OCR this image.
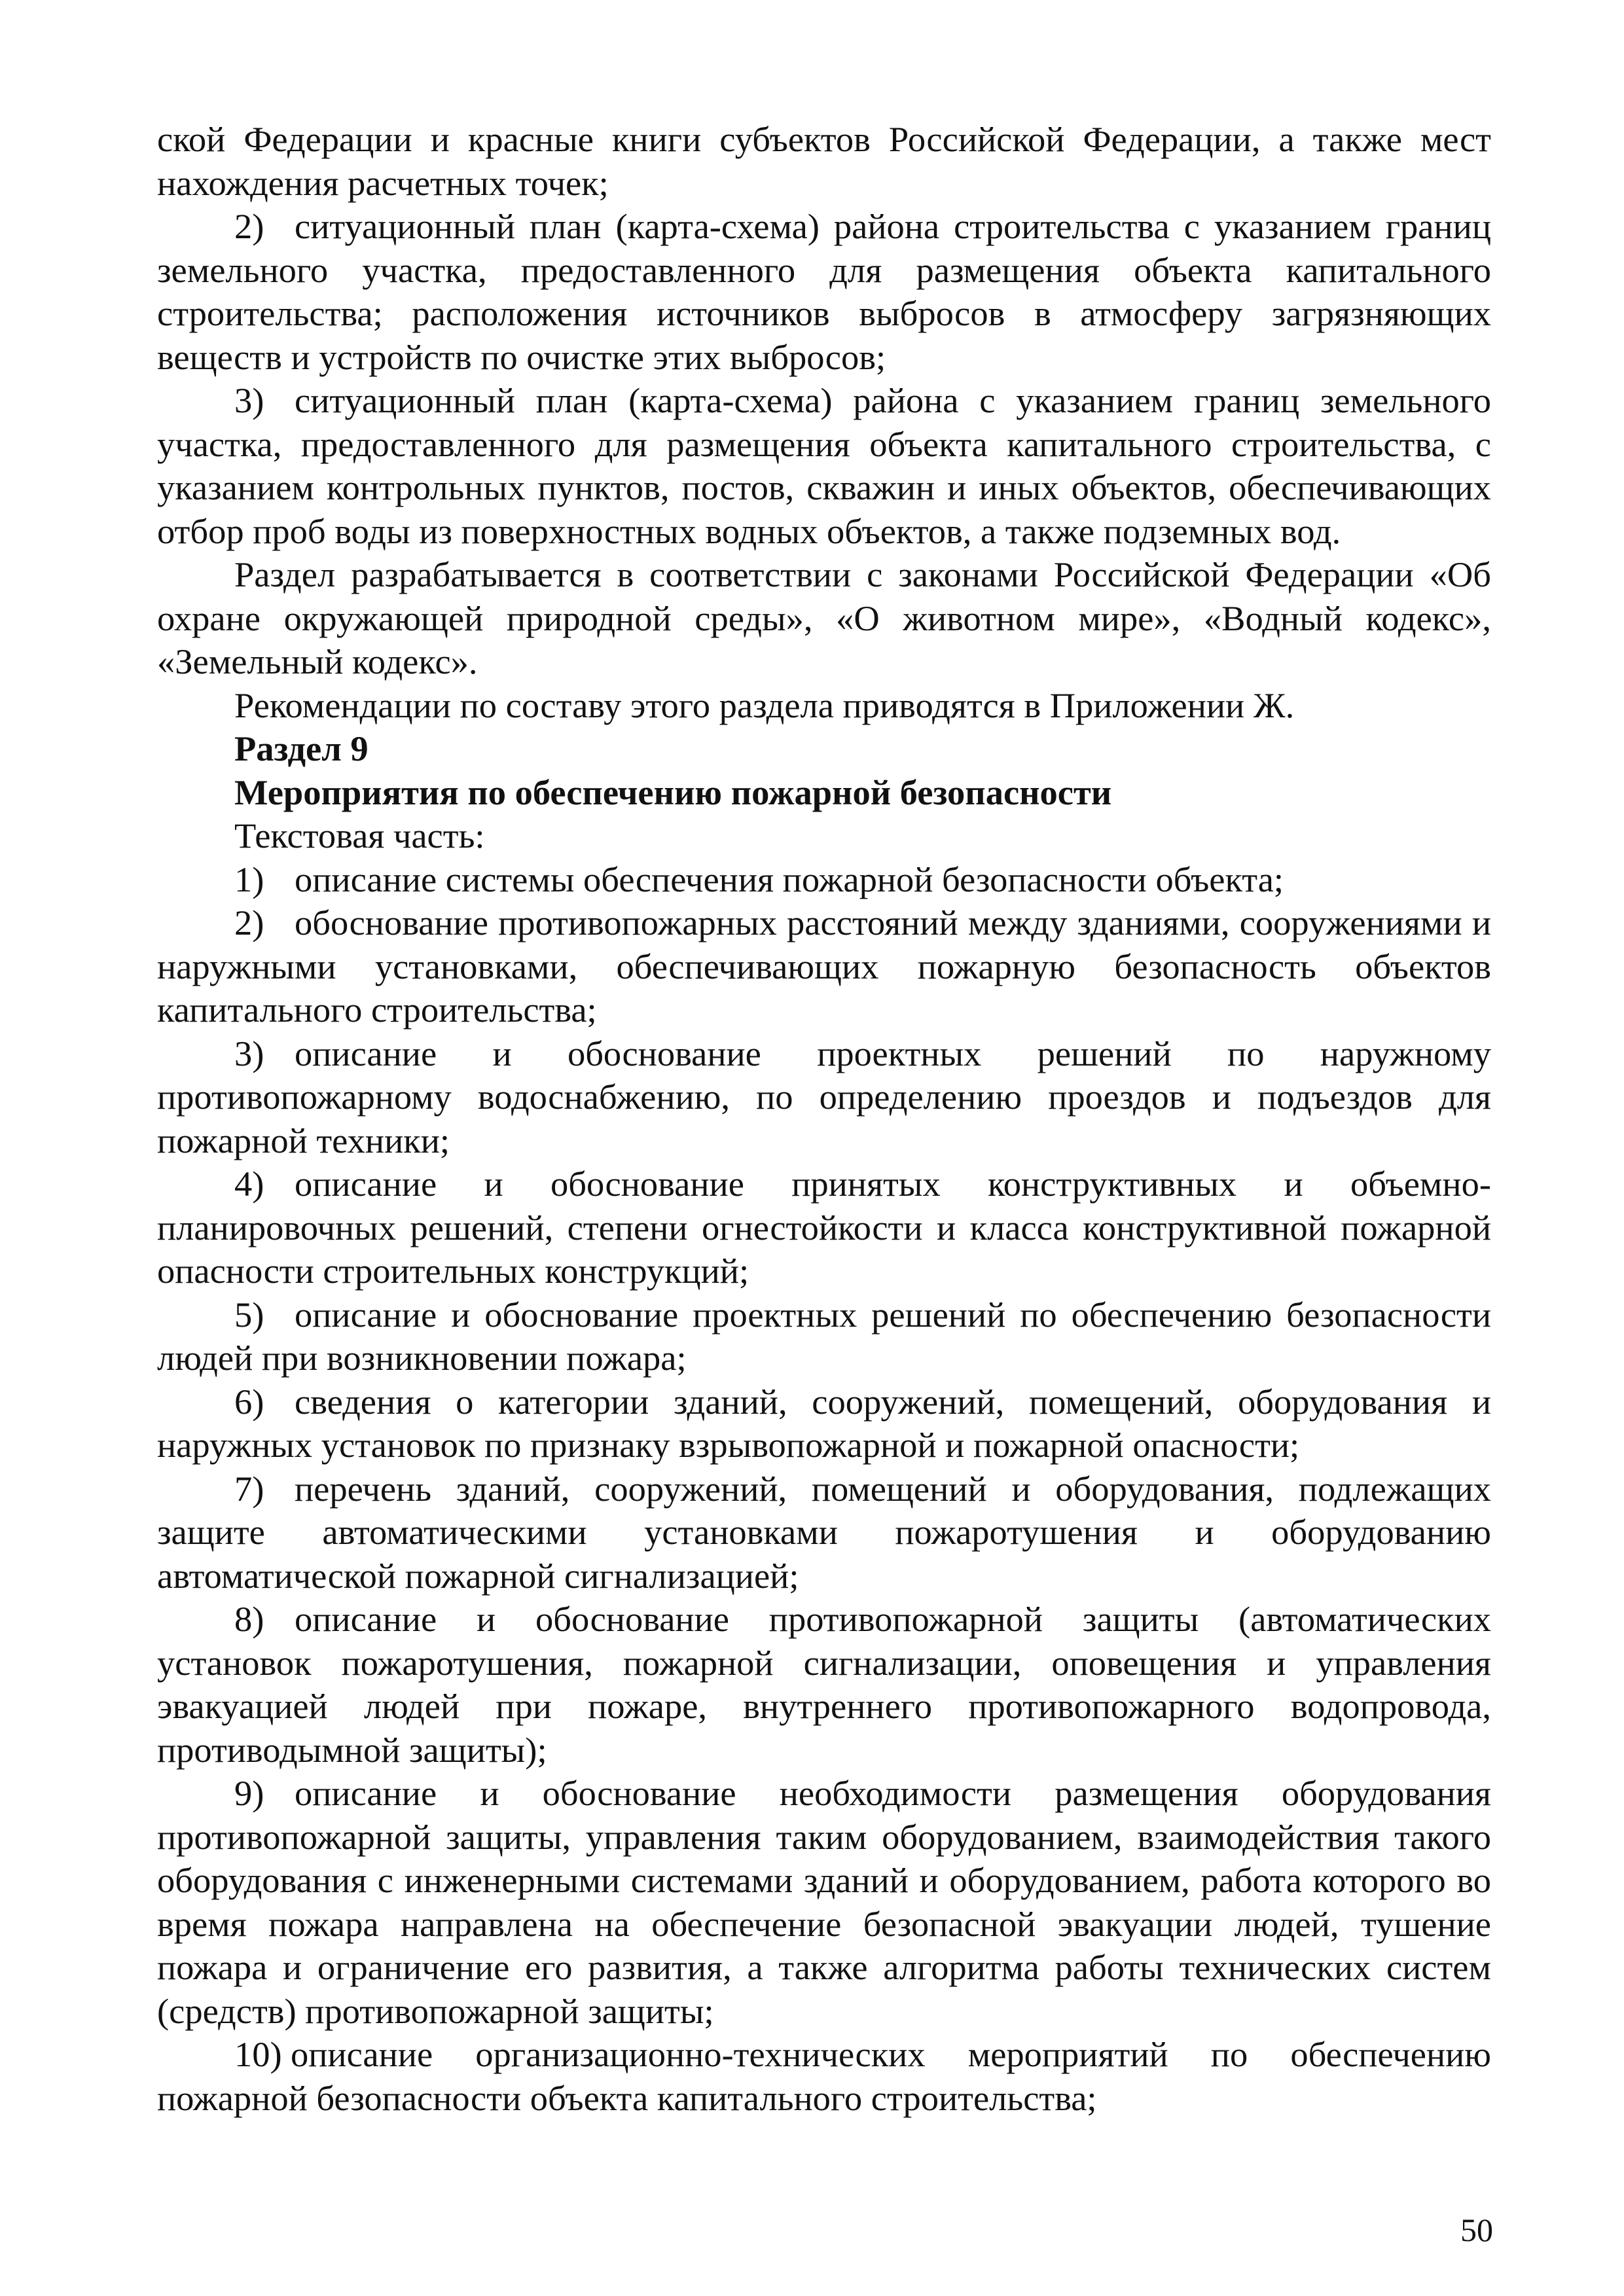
ской Федерации и красные книги субъектов Российской Федерации, а также мест нахождения расчетных точек;

2) ситуационный план (карта-схема) района строительства с указанием границ земельного участка, предоставленного для размещения объекта капитального строительства; расположения источников выбросов в атмосферу загрязняющих веществ и устройств по очистке этих выбросов;

3) ситуационный план (карта-схема) района с указанием границ земельного участка, предоставленного для размещения объекта капитального строительства, с указанием контрольных пунктов, постов, скважин и иных объектов, обеспечивающих отбор проб воды из поверхностных водных объектов, а также подземных вод.

Раздел разрабатывается в соответствии с законами Российской Федерации «Об охране окружающей природной среды», «О животном мире», «Водный кодекс», «Земельный кодекс».

Рекомендации по составу этого раздела приводятся в Приложении Ж.

Раздел 9

Мероприятия по обеспечению пожарной безопасности

Текстовая часть:

1) описание системы обеспечения пожарной безопасности объекта;

2) обоснование противопожарных расстояний между зданиями, сооружениями и наружными установками, обеспечивающих пожарную безопасность объектов капитального строительства;

3) описание и обоснование проектных решений по наружному противопожарному водоснабжению, по определению проездов и подъездов для пожарной техники;

4) описание и обоснование принятых конструктивных и объемно-планировочных решений, степени огнестойкости и класса конструктивной пожарной опасности строительных конструкций;

5) описание и обоснование проектных решений по обеспечению безопасности людей при возникновении пожара;

6) сведения о категории зданий, сооружений, помещений, оборудования и наружных установок по признаку взрывопожарной и пожарной опасности;

7) перечень зданий, сооружений, помещений и оборудования, подлежащих защите автоматическими установками пожаротушения и оборудованию автоматической пожарной сигнализацией;

8) описание и обоснование противопожарной защиты (автоматических установок пожаротушения, пожарной сигнализации, оповещения и управления эвакуацией людей при пожаре, внутреннего противопожарного водопровода, противодымной защиты);

9) описание и обоснование необходимости размещения оборудования противопожарной защиты, управления таким оборудованием, взаимодействия такого оборудования с инженерными системами зданий и оборудованием, работа которого во время пожара направлена на обеспечение безопасной эвакуации людей, тушение пожара и ограничение его развития, а также алгоритма работы технических систем (средств) противопожарной защиты;

10) описание организационно-технических мероприятий по обеспечению пожарной безопасности объекта капитального строительства;

50
